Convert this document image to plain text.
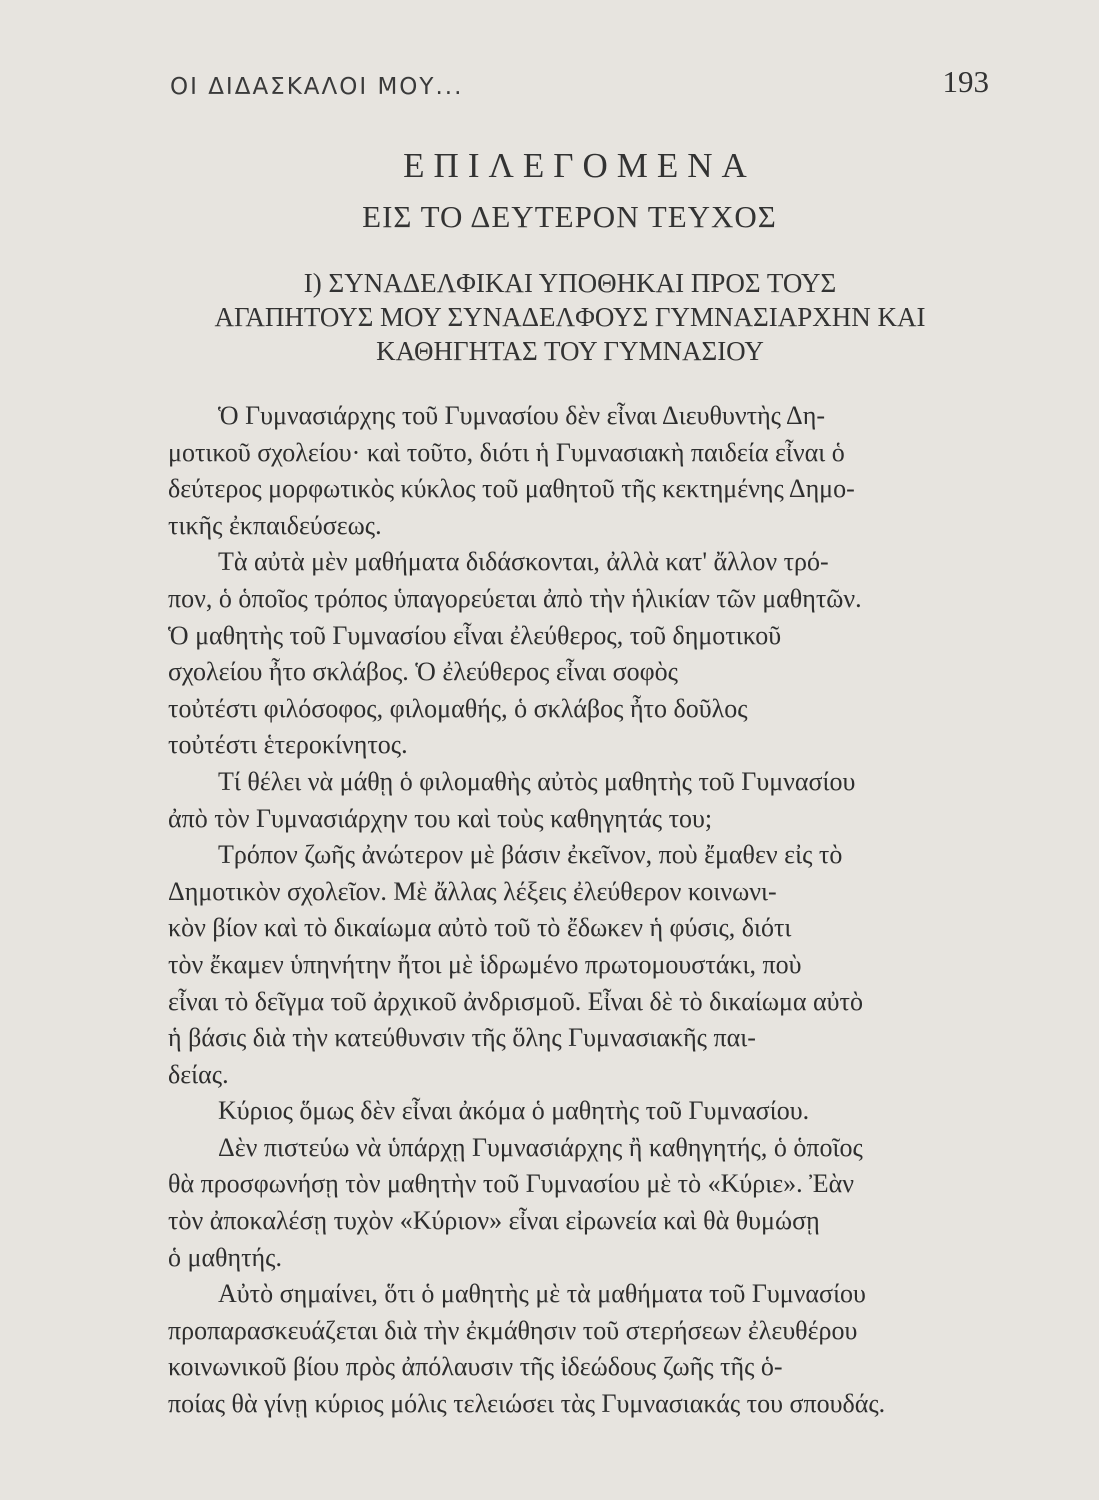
ΟΙ ΔΙΔΑΣΚΑΛΟΙ ΜΟΥ...	193
ΕΠΙΛΕΓΟΜΕΝΑ
ΕΙΣ ΤΟ ΔΕΥΤΕΡΟΝ ΤΕΥΧΟΣ
Ι) ΣΥΝΑΔΕΛΦΙΚΑΙ ΥΠΟΘΗΚΑΙ ΠΡΟΣ ΤΟΥΣ
ΑΓΑΠΗΤΟΥΣ ΜΟΥ ΣΥΝΑΔΕΛΦΟΥΣ ΓΥΜΝΑΣΙΑΡΧΗΝ ΚΑΙ
ΚΑΘΗΓΗΤΑΣ ΤΟΥ ΓΥΜΝΑΣΙΟΥ

Ὁ Γυμνασιάρχης τοῦ Γυμνασίου δὲν εἶναι Διευθυντὴς Δη-
μοτικοῦ σχολείου· καὶ τοῦτο, διότι ἡ Γυμνασιακὴ παιδεία εἶναι ὁ
δεύτερος μορφωτικὸς κύκλος τοῦ μαθητοῦ τῆς κεκτημένης Δημο-
τικῆς ἐκπαιδεύσεως.

Τὰ αὐτὰ μὲν μαθήματα διδάσκονται, ἀλλὰ κατ' ἄλλον τρό-
πον, ὁ ὁποῖος τρόπος ὑπαγορεύεται ἀπὸ τὴν ἡλικίαν τῶν μαθητῶν.
Ὁ μαθητὴς τοῦ Γυμνασίου εἶναι ἐλεύθερος, τοῦ δημοτικοῦ
σχολείου ἦτο σκλάβος. Ὁ ἐλεύθερος εἶναι σοφὸς
τοὐτέστι φιλόσοφος, φιλομαθής, ὁ σκλάβος ἦτο δοῦλος
τοὐτέστι ἑτεροκίνητος.

Τί θέλει νὰ μάθῃ ὁ φιλομαθὴς αὐτὸς μαθητὴς τοῦ Γυμνασίου
ἀπὸ τὸν Γυμνασιάρχην του καὶ τοὺς καθηγητάς του;

Τρόπον ζωῆς ἀνώτερον μὲ βάσιν ἐκεῖνον, ποὺ ἔμαθεν εἰς τὸ
Δημοτικὸν σχολεῖον. Μὲ ἄλλας λέξεις ἐλεύθερον κοινωνι-
κὸν βίον καὶ τὸ δικαίωμα αὐτὸ τοῦ τὸ ἔδωκεν ἡ φύσις, διότι
τὸν ἔκαμεν ὑπηνήτην ἤτοι μὲ ἱδρωμένο πρωτομουστάκι, ποὺ
εἶναι τὸ δεῖγμα τοῦ ἀρχικοῦ ἀνδρισμοῦ. Εἶναι δὲ τὸ δικαίωμα αὐτὸ
ἡ βάσις διὰ τὴν κατεύθυνσιν τῆς ὅλης Γυμνασιακῆς παι-
δείας.

Κύριος ὅμως δὲν εἶναι ἀκόμα ὁ μαθητὴς τοῦ Γυμνασίου.
Δὲν πιστεύω νὰ ὑπάρχῃ Γυμνασιάρχης ἢ καθηγητής, ὁ ὁποῖος
θὰ προσφωνήσῃ τὸν μαθητὴν τοῦ Γυμνασίου μὲ τὸ «Κύριε». Ἐὰν
τὸν ἀποκαλέσῃ τυχὸν «Κύριον» εἶναι εἰρωνεία καὶ θὰ θυμώσῃ
ὁ μαθητής.

Αὐτὸ σημαίνει, ὅτι ὁ μαθητὴς μὲ τὰ μαθήματα τοῦ Γυμνασίου
προπαρασκευάζεται διὰ τὴν ἐκμάθησιν τοῦ στερήσεων ἐλευθέρου
κοινωνικοῦ βίου πρὸς ἀπόλαυσιν τῆς ἰδεώδους ζωῆς τῆς ὁ-
ποίας θὰ γίνῃ κύριος μόλις τελειώσει τὰς Γυμνασιακάς του σπουδάς.
